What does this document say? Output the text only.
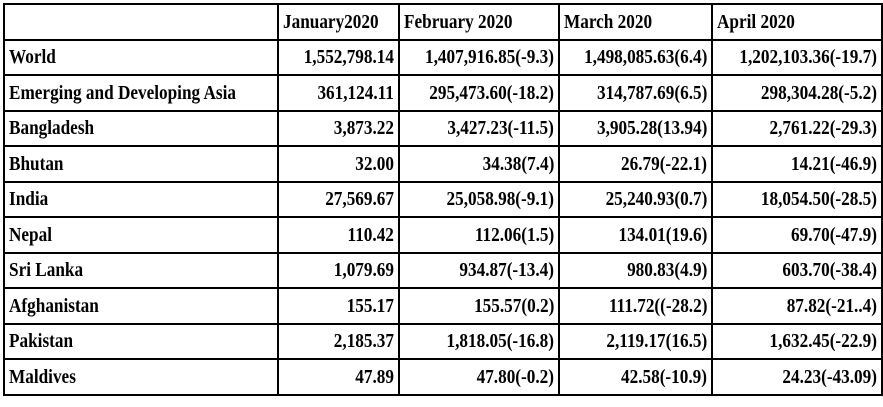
	January2020	February 2020	March 2020	April 2020
World	1,552,798.14	1,407,916.85(-9.3)	1,498,085.63(6.4)	1,202,103.36(-19.7)
Emerging and Developing Asia	361,124.11	295,473.60(-18.2)	314,787.69(6.5)	298,304.28(-5.2)
Bangladesh	3,873.22	3,427.23(-11.5)	3,905.28(13.94)	2,761.22(-29.3)
Bhutan	32.00	34.38(7.4)	26.79(-22.1)	14.21(-46.9)
India	27,569.67	25,058.98(-9.1)	25,240.93(0.7)	18,054.50(-28.5)
Nepal	110.42	112.06(1.5)	134.01(19.6)	69.70(-47.9)
Sri Lanka	1,079.69	934.87(-13.4)	980.83(4.9)	603.70(-38.4)
Afghanistan	155.17	155.57(0.2)	111.72((-28.2)	87.82(-21..4)
Pakistan	2,185.37	1,818.05(-16.8)	2,119.17(16.5)	1,632.45(-22.9)
Maldives	47.89	47.80(-0.2)	42.58(-10.9)	24.23(-43.09)
